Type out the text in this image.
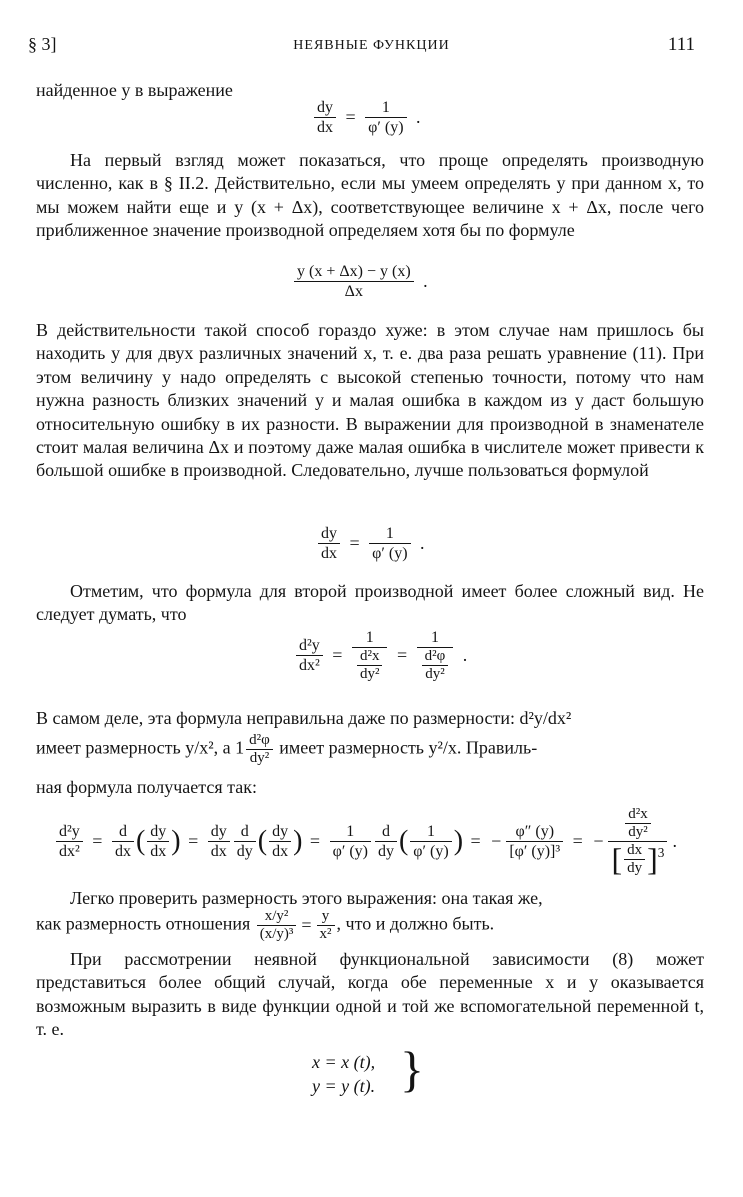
§ 3]	НЕЯВНЫЕ ФУНКЦИИ	111

найденное y в выражение

$\frac{dy}{dx} = \frac{1}{\varphi' (y)}$ .

На первый взгляд может показаться, что проще определять производную численно, как в § II.2. Действительно, если мы умеем определять y при данном x, то мы можем найти еще и y (x + Δx), соответствующее величине x + Δx, после чего приближенное значение производной определяем хотя бы по формуле

$\frac{y (x + \Delta x) - y (x)}{\Delta x}$ .

В действительности такой способ гораздо хуже: в этом случае нам пришлось бы находить y для двух различных значений x, т. е. два раза решать уравнение (11). При этом величину y надо определять с высокой степенью точности, потому что нам нужна разность близких значений y и малая ошибка в каждом из y даст большую относительную ошибку в их разности. В выражении для производной в знаменателе стоит малая величина Δx и поэтому даже малая ошибка в числителе может привести к большой ошибке в производной. Следовательно, лучше пользоваться формулой

$\frac{dy}{dx} = \frac{1}{\varphi' (y)}$ .

Отметим, что формула для второй производной имеет более сложный вид. Не следует думать, что

$\frac{\text{d²y}}{\text{dx²}} = \frac{1}{\frac{\text{d²x}}{\text{dy²}}} = \frac{1}{\frac{\text{d²φ}}{\text{dy²}}}$ .

В самом деле, эта формула неправильна даже по размерности: d²y/dx²

имеет размерность y/x², а $1 \frac{\text{d²φ}}{\text{dy²}}$ имеет размерность y²/x. Правиль-

ная формула получается так:

$\frac{\text{d²y}}{\text{dx²}} = \frac{d}{dx}$ ( $\frac{dy}{dx}$ ) = $\frac{dy}{dx} \frac{d}{dy}$ ( $\frac{dy}{dx}$ ) = $\frac{1}{\varphi' (y)} \frac{d}{dy}$ ( $\frac{1}{\varphi' (y)}$ ) = − $\frac{\varphi'' (y)}{\text{[φ′ (y)]³}}$ = − $\frac{\frac{\text{d²x}}{\text{dy²}}}{[ \frac{dx}{dy} ]^3}$ .

Легко проверить размерность этого выражения: она такая же,

как размерность отношения $\frac{\text{x/y²}}{\text{(x/y)³}} = \frac{y}{\text{x²}}$ , что и должно быть.

При рассмотрении неявной функциональной зависимости (8) может представиться более общий случай, когда обе переменные x и y оказывается возможным выразить в виде функции одной и той же вспомогательной переменной t, т. е.

x = x (t),
y = y (t). }
